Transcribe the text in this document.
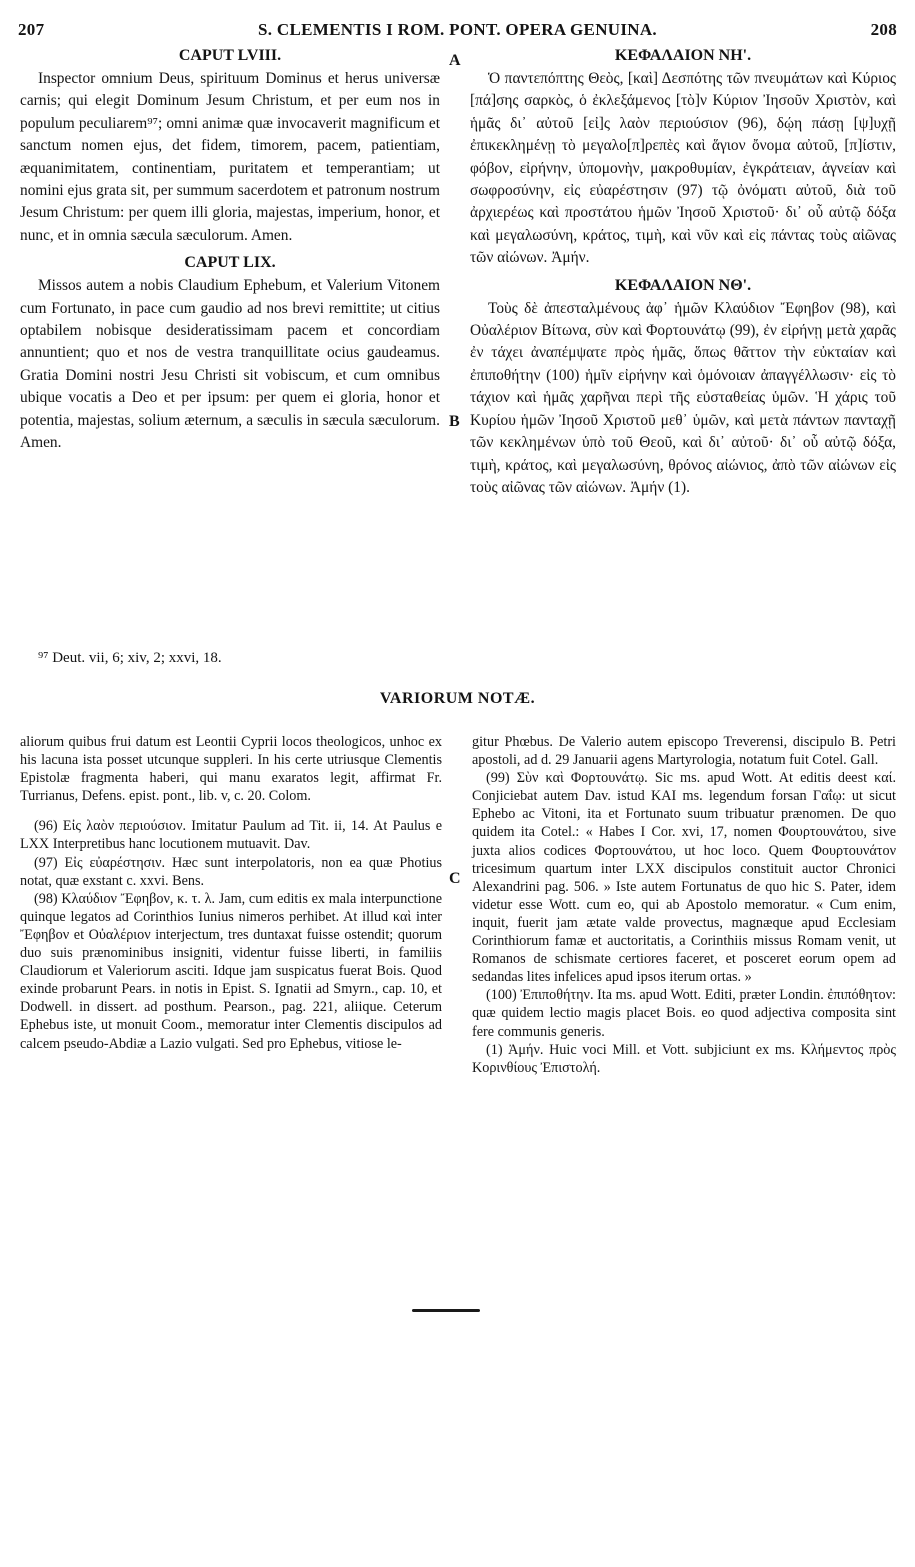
207	S. CLEMENTIS I ROM. PONT. OPERA GENUINA.	208
A
B
C
CAPUT LVIII.

Inspector omnium Deus, spirituum Dominus et herus universæ carnis; qui elegit Dominum Jesum Christum, et per eum nos in populum peculiarem⁹⁷; omni animæ quæ invocaverit magnificum et sanctum nomen ejus, det fidem, timorem, pacem, patientiam, æquanimitatem, continentiam, puritatem et temperantiam; ut nomini ejus grata sit, per summum sacerdotem et patronum nostrum Jesum Christum: per quem illi gloria, majestas, imperium, honor, et nunc, et in omnia sæcula sæculorum. Amen.

CAPUT LIX.

Missos autem a nobis Claudium Ephebum, et Valerium Vitonem cum Fortunato, in pace cum gaudio ad nos brevi remittite; ut citius optabilem nobisque desideratissimam pacem et concordiam annuntient; quo et nos de vestra tranquillitate ocius gaudeamus. Gratia Domini nostri Jesu Christi sit vobiscum, et cum omnibus ubique vocatis a Deo et per ipsum: per quem ei gloria, honor et potentia, majestas, solium æternum, a sæculis in sæcula sæculorum. Amen.

ΚΕΦΑΛΑΙΟΝ ΝΗ'.

Ὁ παντεπόπτης Θεὸς, [καὶ] Δεσπότης τῶν πνευμάτων καὶ Κύριος [πά]σης σαρκὸς, ὁ ἐκλεξάμενος [τὸ]ν Κύριον Ἰησοῦν Χριστὸν, καὶ ἡμᾶς δι᾽ αὐτοῦ [εἰ]ς λαὸν περιούσιον (96), δῴη πάσῃ [ψ]υχῇ ἐπικεκλημένῃ τὸ μεγαλο[π]ρεπὲς καὶ ἅγιον ὄνομα αὐτοῦ, [π]ίστιν, φόβον, εἰρήνην, ὑπομονὴν, μακροθυμίαν, ἐγκράτειαν, ἁγνείαν καὶ σωφροσύνην, εἰς εὐαρέστησιν (97) τῷ ὀνόματι αὐτοῦ, διὰ τοῦ ἀρχιερέως καὶ προστάτου ἡμῶν Ἰησοῦ Χριστοῦ· δι᾽ οὗ αὐτῷ δόξα καὶ μεγαλωσύνη, κράτος, τιμὴ, καὶ νῦν καὶ εἰς πάντας τοὺς αἰῶνας τῶν αἰώνων. Ἀμήν.

ΚΕΦΑΛΑΙΟΝ ΝΘ'.

Τοὺς δὲ ἀπεσταλμένους ἀφ᾽ ἡμῶν Κλαύδιον Ἔφηβον (98), καὶ Οὐαλέριον Βίτωνα, σὺν καὶ Φορτουνάτῳ (99), ἐν εἰρήνῃ μετὰ χαρᾶς ἐν τάχει ἀναπέμψατε πρὸς ἡμᾶς, ὅπως θᾶττον τὴν εὐκταίαν καὶ ἐπιποθήτην (100) ἡμῖν εἰρήνην καὶ ὁμόνοιαν ἀπαγγέλλωσιν· εἰς τὸ τάχιον καὶ ἡμᾶς χαρῆναι περὶ τῆς εὐσταθείας ὑμῶν. Ἡ χάρις τοῦ Κυρίου ἡμῶν Ἰησοῦ Χριστοῦ μεθ᾽ ὑμῶν, καὶ μετὰ πάντων πανταχῇ τῶν κεκλημένων ὑπὸ τοῦ Θεοῦ, καὶ δι᾽ αὐτοῦ· δι᾽ οὗ αὐτῷ δόξα, τιμὴ, κράτος, καὶ μεγαλωσύνη, θρόνος αἰώνιος, ἀπὸ τῶν αἰώνων εἰς τοὺς αἰῶνας τῶν αἰώνων. Ἀμήν (1).

⁹⁷ Deut. vii, 6; xiv, 2; xxvi, 18.
VARIORUM NOTÆ.

aliorum quibus frui datum est Leontii Cyprii locos theologicos, unhoc ex his lacuna ista posset utcunque suppleri. In his certe utriusque Clementis Epistolæ fragmenta haberi, qui manu exaratos legit, affirmat Fr. Turrianus, Defens. epist. pont., lib. v, c. 20. Colom.

(96) Εἰς λαὸν περιούσιον. Imitatur Paulum ad Tit. ii, 14. At Paulus e LXX Interpretibus hanc locutionem mutuavit. Dav.

(97) Εἰς εὐαρέστησιν. Hæc sunt interpolatoris, non ea quæ Photius notat, quæ exstant c. xxvi. Bens.

(98) Κλαύδιον Ἔφηβον, κ. τ. λ. Jam, cum editis ex mala interpunctione quinque legatos ad Corinthios Iunius nimeros perhibet. At illud καὶ inter Ἔφηβον et Οὐαλέριον interjectum, tres duntaxat fuisse ostendit; quorum duo suis prænominibus insigniti, videntur fuisse liberti, in familiis Claudiorum et Valeriorum asciti. Idque jam suspicatus fuerat Bois. Quod exinde probarunt Pears. in notis in Epist. S. Ignatii ad Smyrn., cap. 10, et Dodwell. in dissert. ad posthum. Pearson., pag. 221, aliique. Ceterum Ephebus iste, ut monuit Coom., memoratur inter Clementis discipulos ad calcem pseudo-Abdiæ a Lazio vulgati. Sed pro Ephebus, vitiose le-

gitur Phœbus. De Valerio autem episcopo Treverensi, discipulo B. Petri apostoli, ad d. 29 Januarii agens Martyrologia, notatum fuit Cotel. Gall.

(99) Σὺν καὶ Φορτουνάτῳ. Sic ms. apud Wott. At editis deest καί. Conjiciebat autem Dav. istud ΚΑΙ ms. legendum forsan Γαΐῳ: ut sicut Ephebo ac Vitoni, ita et Fortunato suum tribuatur prænomen. De quo quidem ita Cotel.: « Habes I Cor. xvi, 17, nomen Φουρτουνάτου, sive juxta alios codices Φορτουνάτου, ut hoc loco. Quem Φουρτουνάτον tricesimum quartum inter LXX discipulos constituit auctor Chronici Alexandrini pag. 506. » Iste autem Fortunatus de quo hic S. Pater, idem videtur esse Wott. cum eo, qui ab Apostolo memoratur. « Cum enim, inquit, fuerit jam ætate valde provectus, magnæque apud Ecclesiam Corinthiorum famæ et auctoritatis, a Corinthiis missus Romam venit, ut Romanos de schismate certiores faceret, et posceret eorum opem ad sedandas lites infelices apud ipsos iterum ortas. »

(100) Ἐπιποθήτην. Ita ms. apud Wott. Editi, præter Londin. ἐπιπόθητον: quæ quidem lectio magis placet Bois. eo quod adjectiva composita sint fere communis generis.

(1) Ἀμήν. Huic voci Mill. et Vott. subjiciunt ex ms. Κλήμεντος πρὸς Κορινθίους Ἐπιστολή.
